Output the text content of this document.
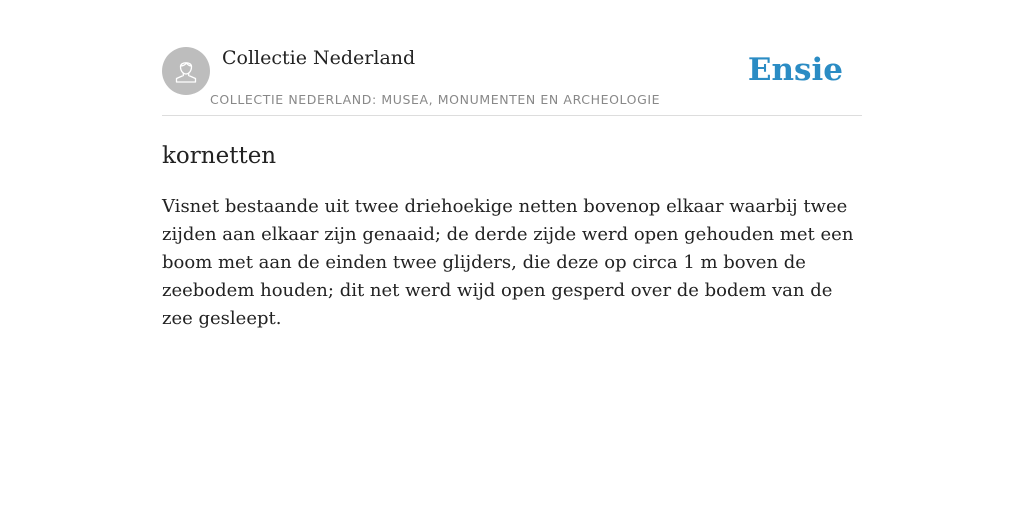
Collectie Nederland
COLLECTIE NEDERLAND: MUSEA, MONUMENTEN EN ARCHEOLOGIE
Ensie
kornetten

Visnet bestaande uit twee driehoekige netten bovenop elkaar waarbij twee zijden aan elkaar zijn genaaid; de derde zijde werd open gehouden met een boom met aan de einden twee glijders, die deze op circa 1 m boven de zeebodem houden; dit net werd wijd open gesperd over de bodem van de zee gesleept.
